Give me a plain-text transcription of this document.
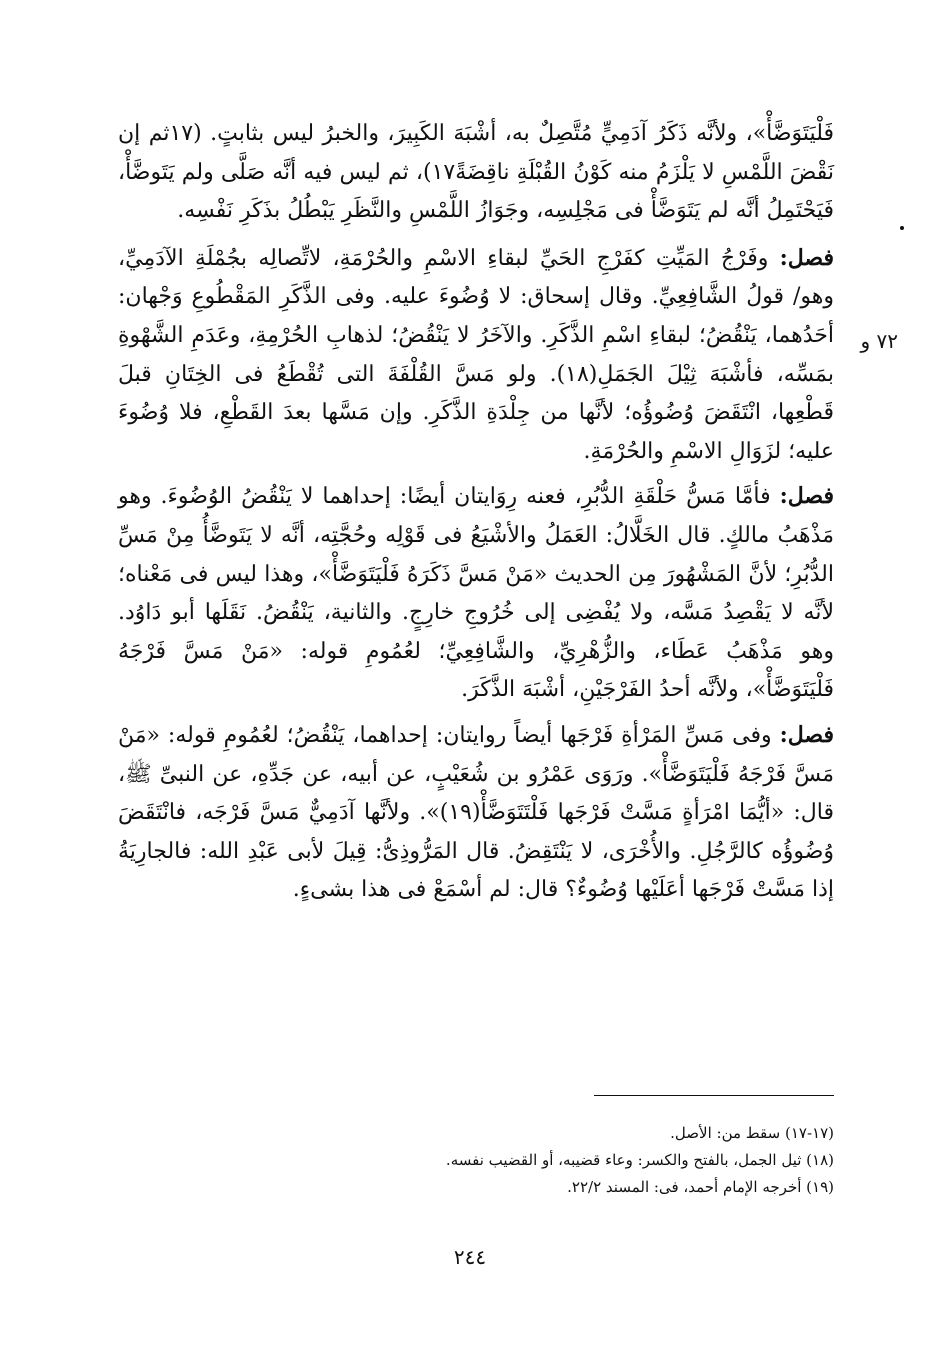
٧٢ و

فَلْيَتَوَضَّأْ»، ولأنَّه ذَكَرُ آدَمِيٍّ مُتَّصِلٌ به، أشْبَهَ الكَبِيرَ، والخبرُ ليس بثابتٍ. (١٧ثم إن نَقْضَ اللَّمْسِ لا يَلْزَمُ منه كَوْنُ القُبْلَةِ ناقِضَةً١٧)، ثم ليس فيه أنَّه صَلَّى ولم يَتَوضَّأْ، فَيَحْتَمِلُ أنَّه لم يَتَوَضَّأْ فى مَجْلِسِه، وجَوَازُ اللَّمْسِ والنَّظَرِ يَبْطُلُ بذَكَرِ نَفْسِه.

فصل: وفَرْجُ المَيِّتِ كفَرْجِ الحَيِّ لبقاءِ الاسْمِ والحُرْمَةِ، لاتِّصالِه بجُمْلَةِ الآدَمِيِّ، وهو/ قولُ الشَّافِعِيِّ. وقال إسحاق: لا وُضُوءَ عليه. وفى الذَّكَرِ المَقْطُوعِ وَجْهان: أحَدُهما، يَنْقُضُ؛ لبقاءِ اسْمِ الذَّكَرِ. والآخَرُ لا يَنْقُضُ؛ لذهابِ الحُرْمِةِ، وعَدَمِ الشَّهْوةِ بمَسِّه، فأشْبَهَ ثِيْلَ الجَمَلِ(١٨). ولو مَسَّ القُلْفَةَ التى تُقْطَعُ فى الخِتَانِ قبلَ قَطْعِها، انْتَقَضَ وُضُوؤُه؛ لأنَّها من جِلْدَةِ الذَّكَرِ. وإن مَسَّها بعدَ القَطْعِ، فلا وُضُوءَ عليه؛ لزَوَالِ الاسْمِ والحُرْمَةِ.

فصل: فأمَّا مَسُّ حَلْقَةِ الدُّبُرِ، فعنه رِوَايتان أيضًا: إحداهما لا يَنْقُضُ الوُضُوءَ. وهو مَذْهَبُ مالكٍ. قال الخَلَّالُ: العَمَلُ والأشْيَعُ فى قَوْلِه وحُجَّتِه، أنَّه لا يَتَوضَّأُ مِنْ مَسِّ الدُّبُرِ؛ لأنَّ المَشْهُورَ مِن الحديث «مَنْ مَسَّ ذَكَرَهُ فَلْيَتَوَضَّأْ»، وهذا ليس فى مَعْناه؛ لأنَّه لا يَقْصِدُ مَسَّه، ولا يُفْضِى إلى خُرُوجِ خارِجٍ. والثانية، يَنْقُضُ. نَقَلَها أبو دَاوُد. وهو مَذْهَبُ عَطَاء، والزُّهْرِيِّ، والشَّافِعِيِّ؛ لعُمُومِ قوله: «مَنْ مَسَّ فَرْجَهُ فَلْيَتَوَضَّأْ»، ولأنَّه أحدُ الفَرْجَيْنِ، أشْبَهَ الذَّكَرَ.

فصل: وفى مَسِّ المَرْأةِ فَرْجَها أيضاً روايتان: إحداهما، يَنْقُضُ؛ لعُمُومِ قوله: «مَنْ مَسَّ فَرْجَهُ فَلْيَتَوَضَّأْ». ورَوَى عَمْرُو بن شُعَيْبٍ، عن أبيه، عن جَدِّهِ، عن النبىِّ ﷺ، قال: «أيُّمَا امْرَأةٍ مَسَّتْ فَرْجَها فَلْتَتَوَضَّأْ(١٩)». ولأنَّها آدَمِيٌّ مَسَّ فَرْجَه، فانْتَقَضَ وُضُوؤُه كالرَّجُلِ. والأُخْرَى، لا يَنْتَقِضُ. قال المَرُّوذِىُّ: قِيلَ لأبى عَبْدِ الله: فالجارِيَةُ إذا مَسَّتْ فَرْجَها أعَلَيْها وُضُوءٌ؟ قال: لم أسْمَعْ فى هذا بشىءٍ.

(١٧-١٧) سقط من: الأصل.

(١٨) ثيل الجمل، بالفتح والكسر: وعاء قضيبه، أو القضيب نفسه.

(١٩) أخرجه الإمام أحمد، فى: المسند ٢٢/٢.

٢٤٤
